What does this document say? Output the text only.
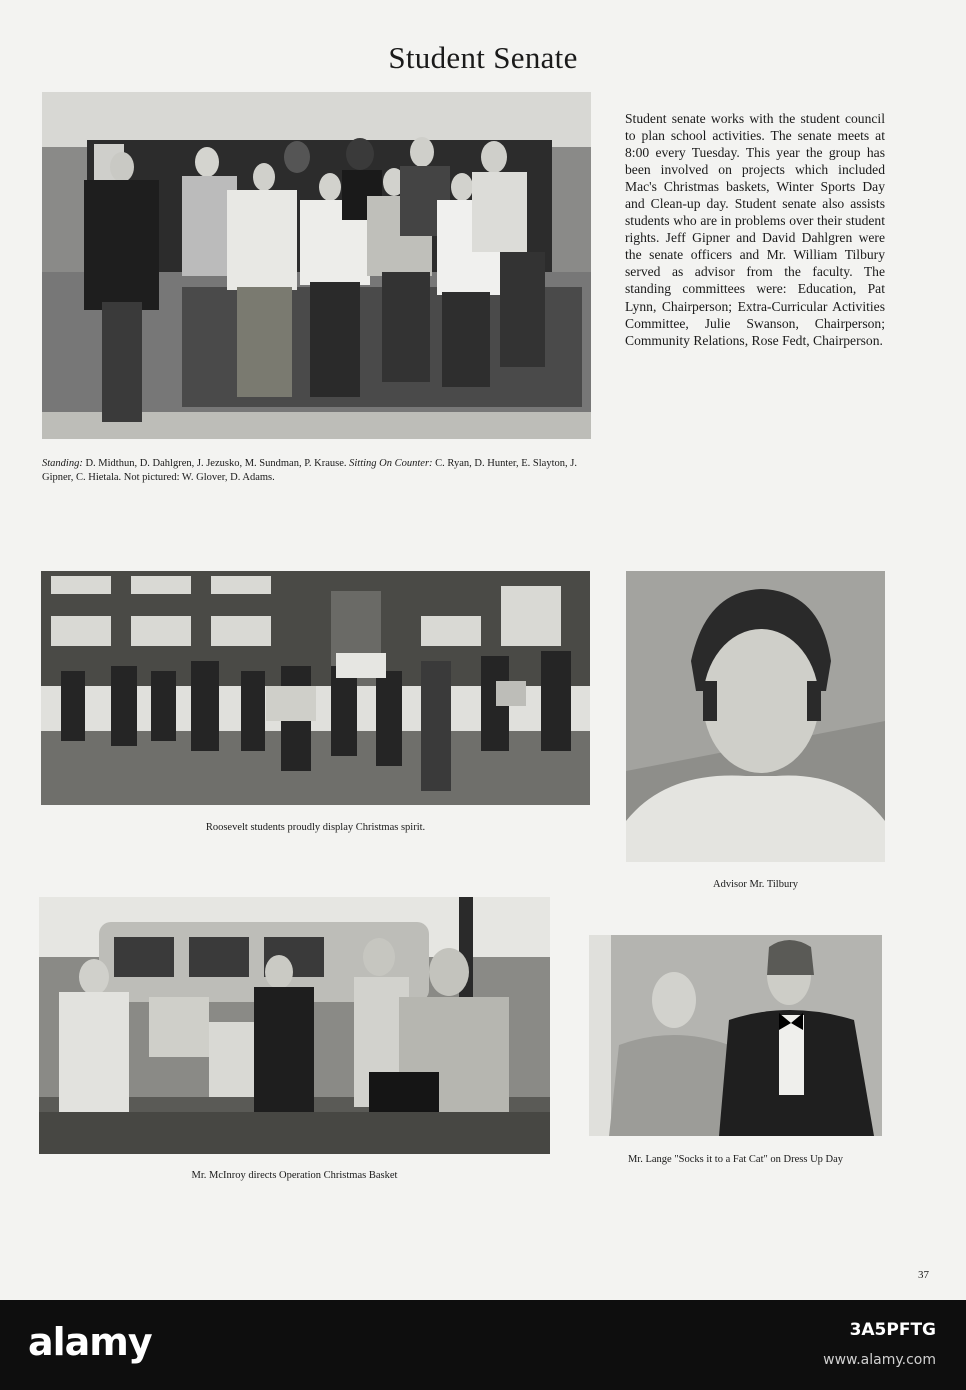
Student Senate
Student senate works with the student council to plan school activities. The senate meets at 8:00 every Tuesday. This year the group has been involved on projects which included Mac's Christmas baskets, Winter Sports Day and Clean-up day. Student senate also assists students who are in problems over their student rights. Jeff Gipner and David Dahlgren were the senate officers and Mr. William Tilbury served as advisor from the faculty. The standing committees were: Education, Pat Lynn, Chairperson; Extra-Curricular Activities Committee, Julie Swanson, Chairperson; Community Relations, Rose Fedt, Chairperson.
Standing: D. Midthun, D. Dahlgren, J. Jezusko, M. Sundman, P. Krause. Sitting On Counter: C. Ryan, D. Hunter, E. Slayton, J. Gipner, C. Hietala. Not pictured: W. Glover, D. Adams.
Roosevelt students proudly display Christmas spirit.
Advisor Mr. Tilbury
Mr. McInroy directs Operation Christmas Basket
Mr. Lange "Socks it to a Fat Cat" on Dress Up Day
37
alamy	3A5PFTG
www.alamy.com
